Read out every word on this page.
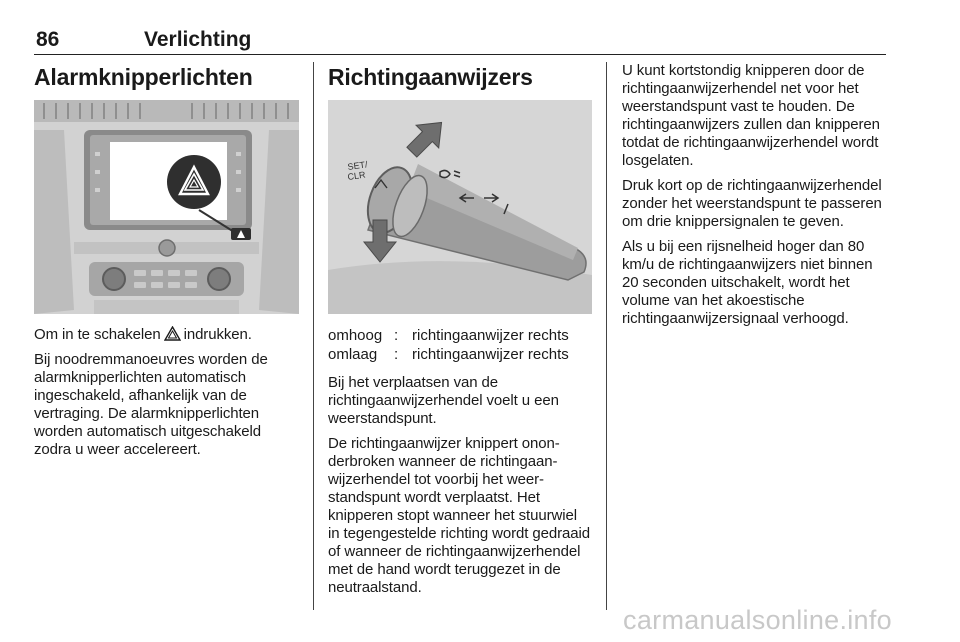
86	Verlichting
Alarmknipperlichten

Om in te schakelen indrukken.

Bij noodremmanoeuvres worden de alarmknipperlichten automatisch ingeschakeld, afhankelijk van de vertraging. De alarmknipperlichten worden automatisch uitgeschakeld zodra u weer accelereert.

Richtingaanwijzers
SET/
CLR
omhoog	:	richtingaanwijzer rechts
omlaag	:	richtingaanwijzer rechts

Bij het verplaatsen van de richtingaanwijzerhendel voelt u een weerstandspunt.

De richtingaanwijzer knippert ononderbroken wanneer de richtingaanwijzerhendel tot voorbij het weerstandspunt wordt verplaatst. Het knipperen stopt wanneer het stuurwiel in tegengestelde richting wordt gedraaid of wanneer de richtingaanwijzerhendel met de hand wordt teruggezet in de neutraalstand.

U kunt kortstondig knipperen door de richtingaanwijzerhendel net voor het weerstandspunt vast te houden. De richtingaanwijzers zullen dan knipperen totdat de richtingaanwijzerhendel wordt losgelaten.

Druk kort op de richtingaanwijzerhendel zonder het weerstandspunt te passeren om drie knippersignalen te geven.

Als u bij een rijsnelheid hoger dan 80 km/u de richtingaanwijzers niet binnen 20 seconden uitschakelt, wordt het volume van het akoestische richtingaanwijzersignaal verhoogd.

carmanualsonline.info
